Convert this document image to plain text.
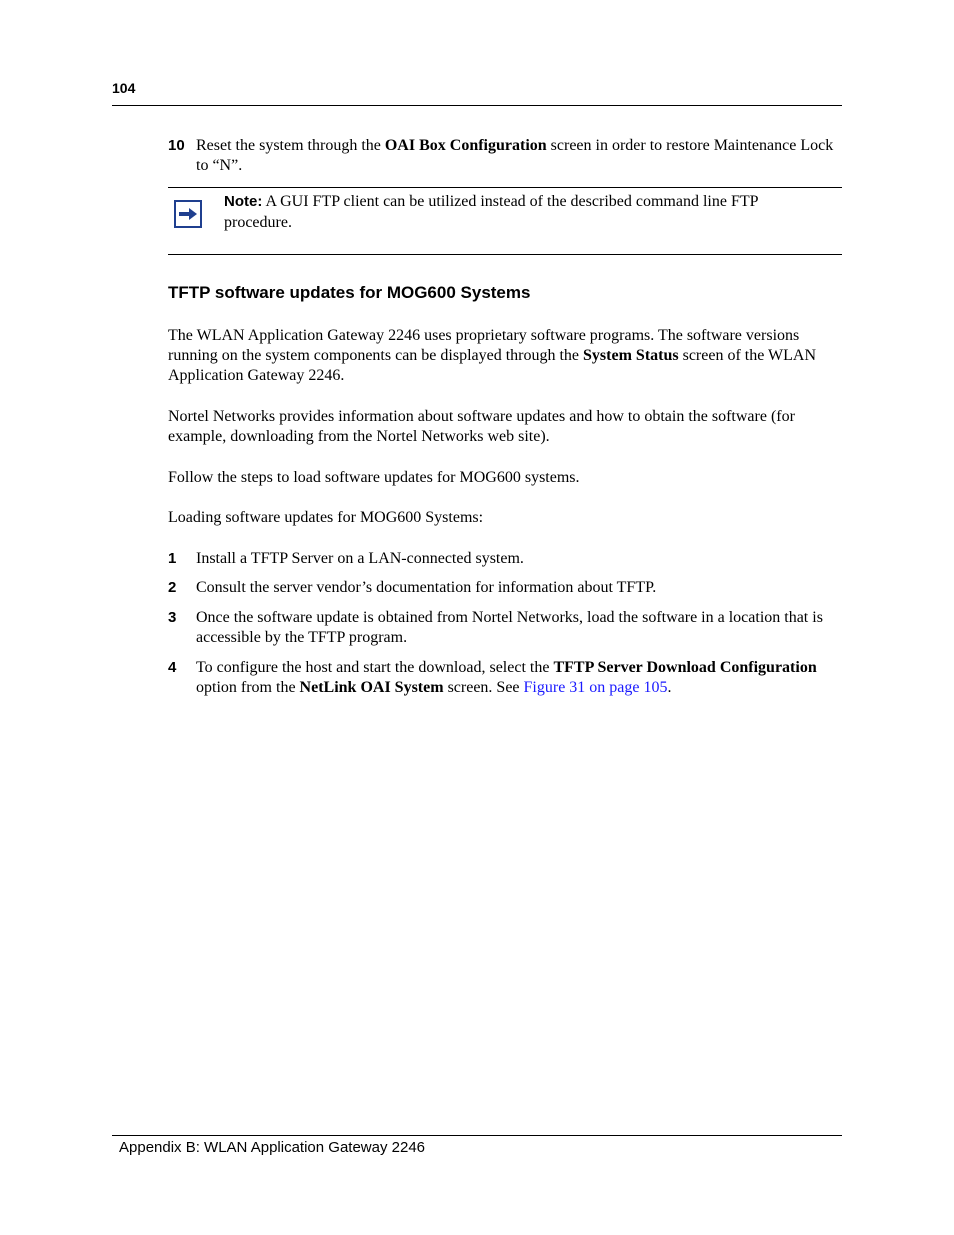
104
10 Reset the system through the OAI Box Configuration screen in order to restore Maintenance Lock to “N”.
Note: A GUI FTP client can be utilized instead of the described command line FTP procedure.
TFTP software updates for MOG600 Systems
The WLAN Application Gateway 2246 uses proprietary software programs. The software versions running on the system components can be displayed through the System Status screen of the WLAN Application Gateway 2246.
Nortel Networks provides information about software updates and how to obtain the software (for example, downloading from the Nortel Networks web site).
Follow the steps to load software updates for MOG600 systems.
Loading software updates for MOG600 Systems:
1 Install a TFTP Server on a LAN-connected system.
2 Consult the server vendor’s documentation for information about TFTP.
3 Once the software update is obtained from Nortel Networks, load the software in a location that is accessible by the TFTP program.
4 To configure the host and start the download, select the TFTP Server Download Configuration option from the NetLink OAI System screen. See Figure 31 on page 105.
Appendix B: WLAN Application Gateway 2246
